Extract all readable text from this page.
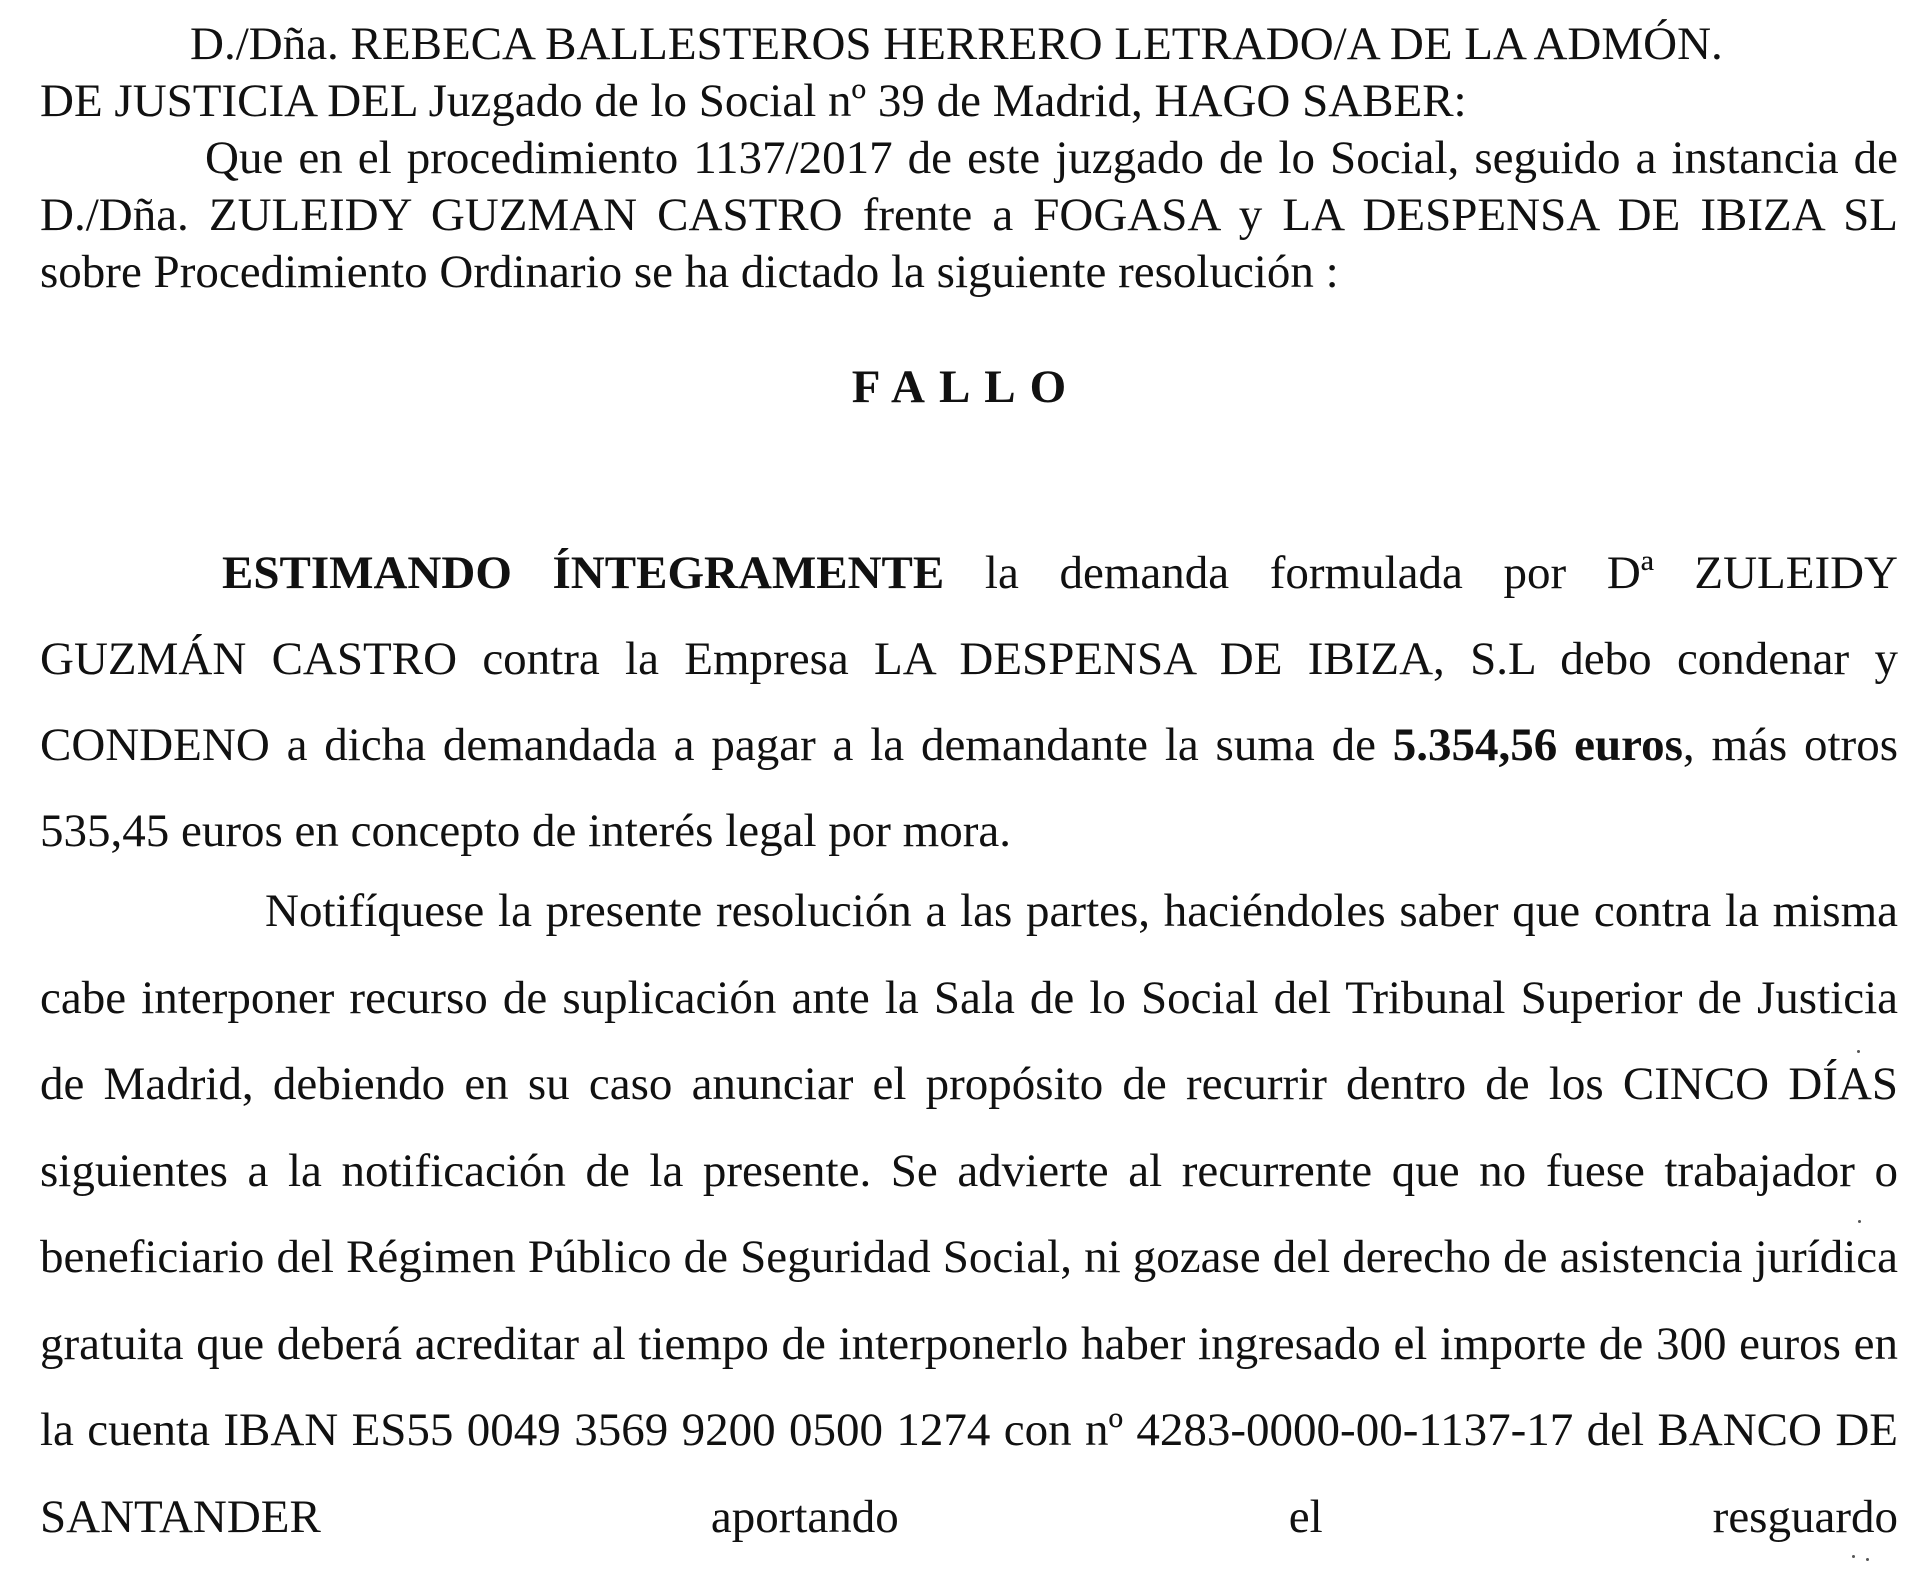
D./Dña. REBECA BALLESTEROS HERRERO LETRADO/A DE LA ADMÓN.

DE JUSTICIA DEL Juzgado de lo Social nº 39 de Madrid, HAGO SABER:

Que en el procedimiento 1137/2017 de este juzgado de lo Social, seguido a instancia de D./Dña. ZULEIDY GUZMAN CASTRO frente a FOGASA y LA DESPENSA DE IBIZA SL sobre Procedimiento Ordinario se ha dictado la siguiente resolución :

FALLO

ESTIMANDO ÍNTEGRAMENTE la demanda formulada por Dª ZULEIDY GUZMÁN CASTRO contra la Empresa LA DESPENSA DE IBIZA, S.L debo condenar y CONDENO a dicha demandada a pagar a la demandante la suma de 5.354,56 euros, más otros 535,45 euros en concepto de interés legal por mora.

Notifíquese la presente resolución a las partes, haciéndoles saber que contra la misma cabe interponer recurso de suplicación ante la Sala de lo Social del Tribunal Superior de Justicia de Madrid, debiendo en su caso anunciar el propósito de recurrir dentro de los CINCO DÍAS siguientes a la notificación de la presente. Se advierte al recurrente que no fuese trabajador o beneficiario del Régimen Público de Seguridad Social, ni gozase del derecho de asistencia jurídica gratuita que deberá acreditar al tiempo de interponerlo haber ingresado el importe de 300 euros en la cuenta IBAN ES55 0049 3569 9200 0500 1274 con nº 4283-0000-00-1137-17 del BANCO DE SANTANDER aportando el resguardo
